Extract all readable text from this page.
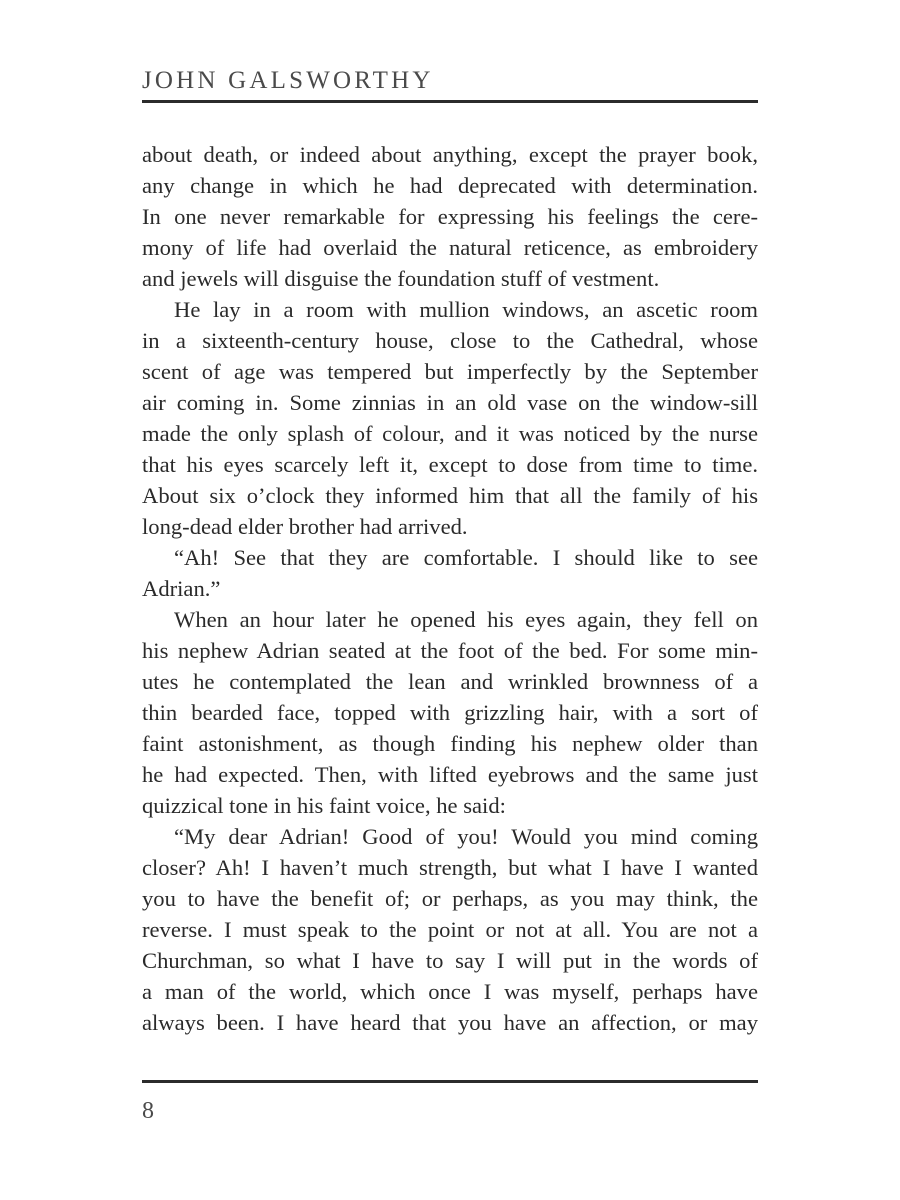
JOHN GALSWORTHY
about death, or indeed about anything, except the prayer book,
any change in which he had deprecated with determination.
In one never remarkable for expressing his feelings the cere-
mony of life had overlaid the natural reticence, as embroidery
and jewels will disguise the foundation stuff of vestment.
He lay in a room with mullion windows, an ascetic room
in a sixteenth-century house, close to the Cathedral, whose
scent of age was tempered but imperfectly by the September
air coming in. Some zinnias in an old vase on the window-sill
made the only splash of colour, and it was noticed by the nurse
that his eyes scarcely left it, except to dose from time to time.
About six o’clock they informed him that all the family of his
long-dead elder brother had arrived.
“Ah! See that they are comfortable. I should like to see
Adrian.”
When an hour later he opened his eyes again, they fell on
his nephew Adrian seated at the foot of the bed. For some min-
utes he contemplated the lean and wrinkled brownness of a
thin bearded face, topped with grizzling hair, with a sort of
faint astonishment, as though finding his nephew older than
he had expected. Then, with lifted eyebrows and the same just
quizzical tone in his faint voice, he said:
“My dear Adrian! Good of you! Would you mind coming
closer? Ah! I haven’t much strength, but what I have I wanted
you to have the benefit of; or perhaps, as you may think, the
reverse. I must speak to the point or not at all. You are not a
Churchman, so what I have to say I will put in the words of
a man of the world, which once I was myself, perhaps have
always been. I have heard that you have an affection, or may
8
